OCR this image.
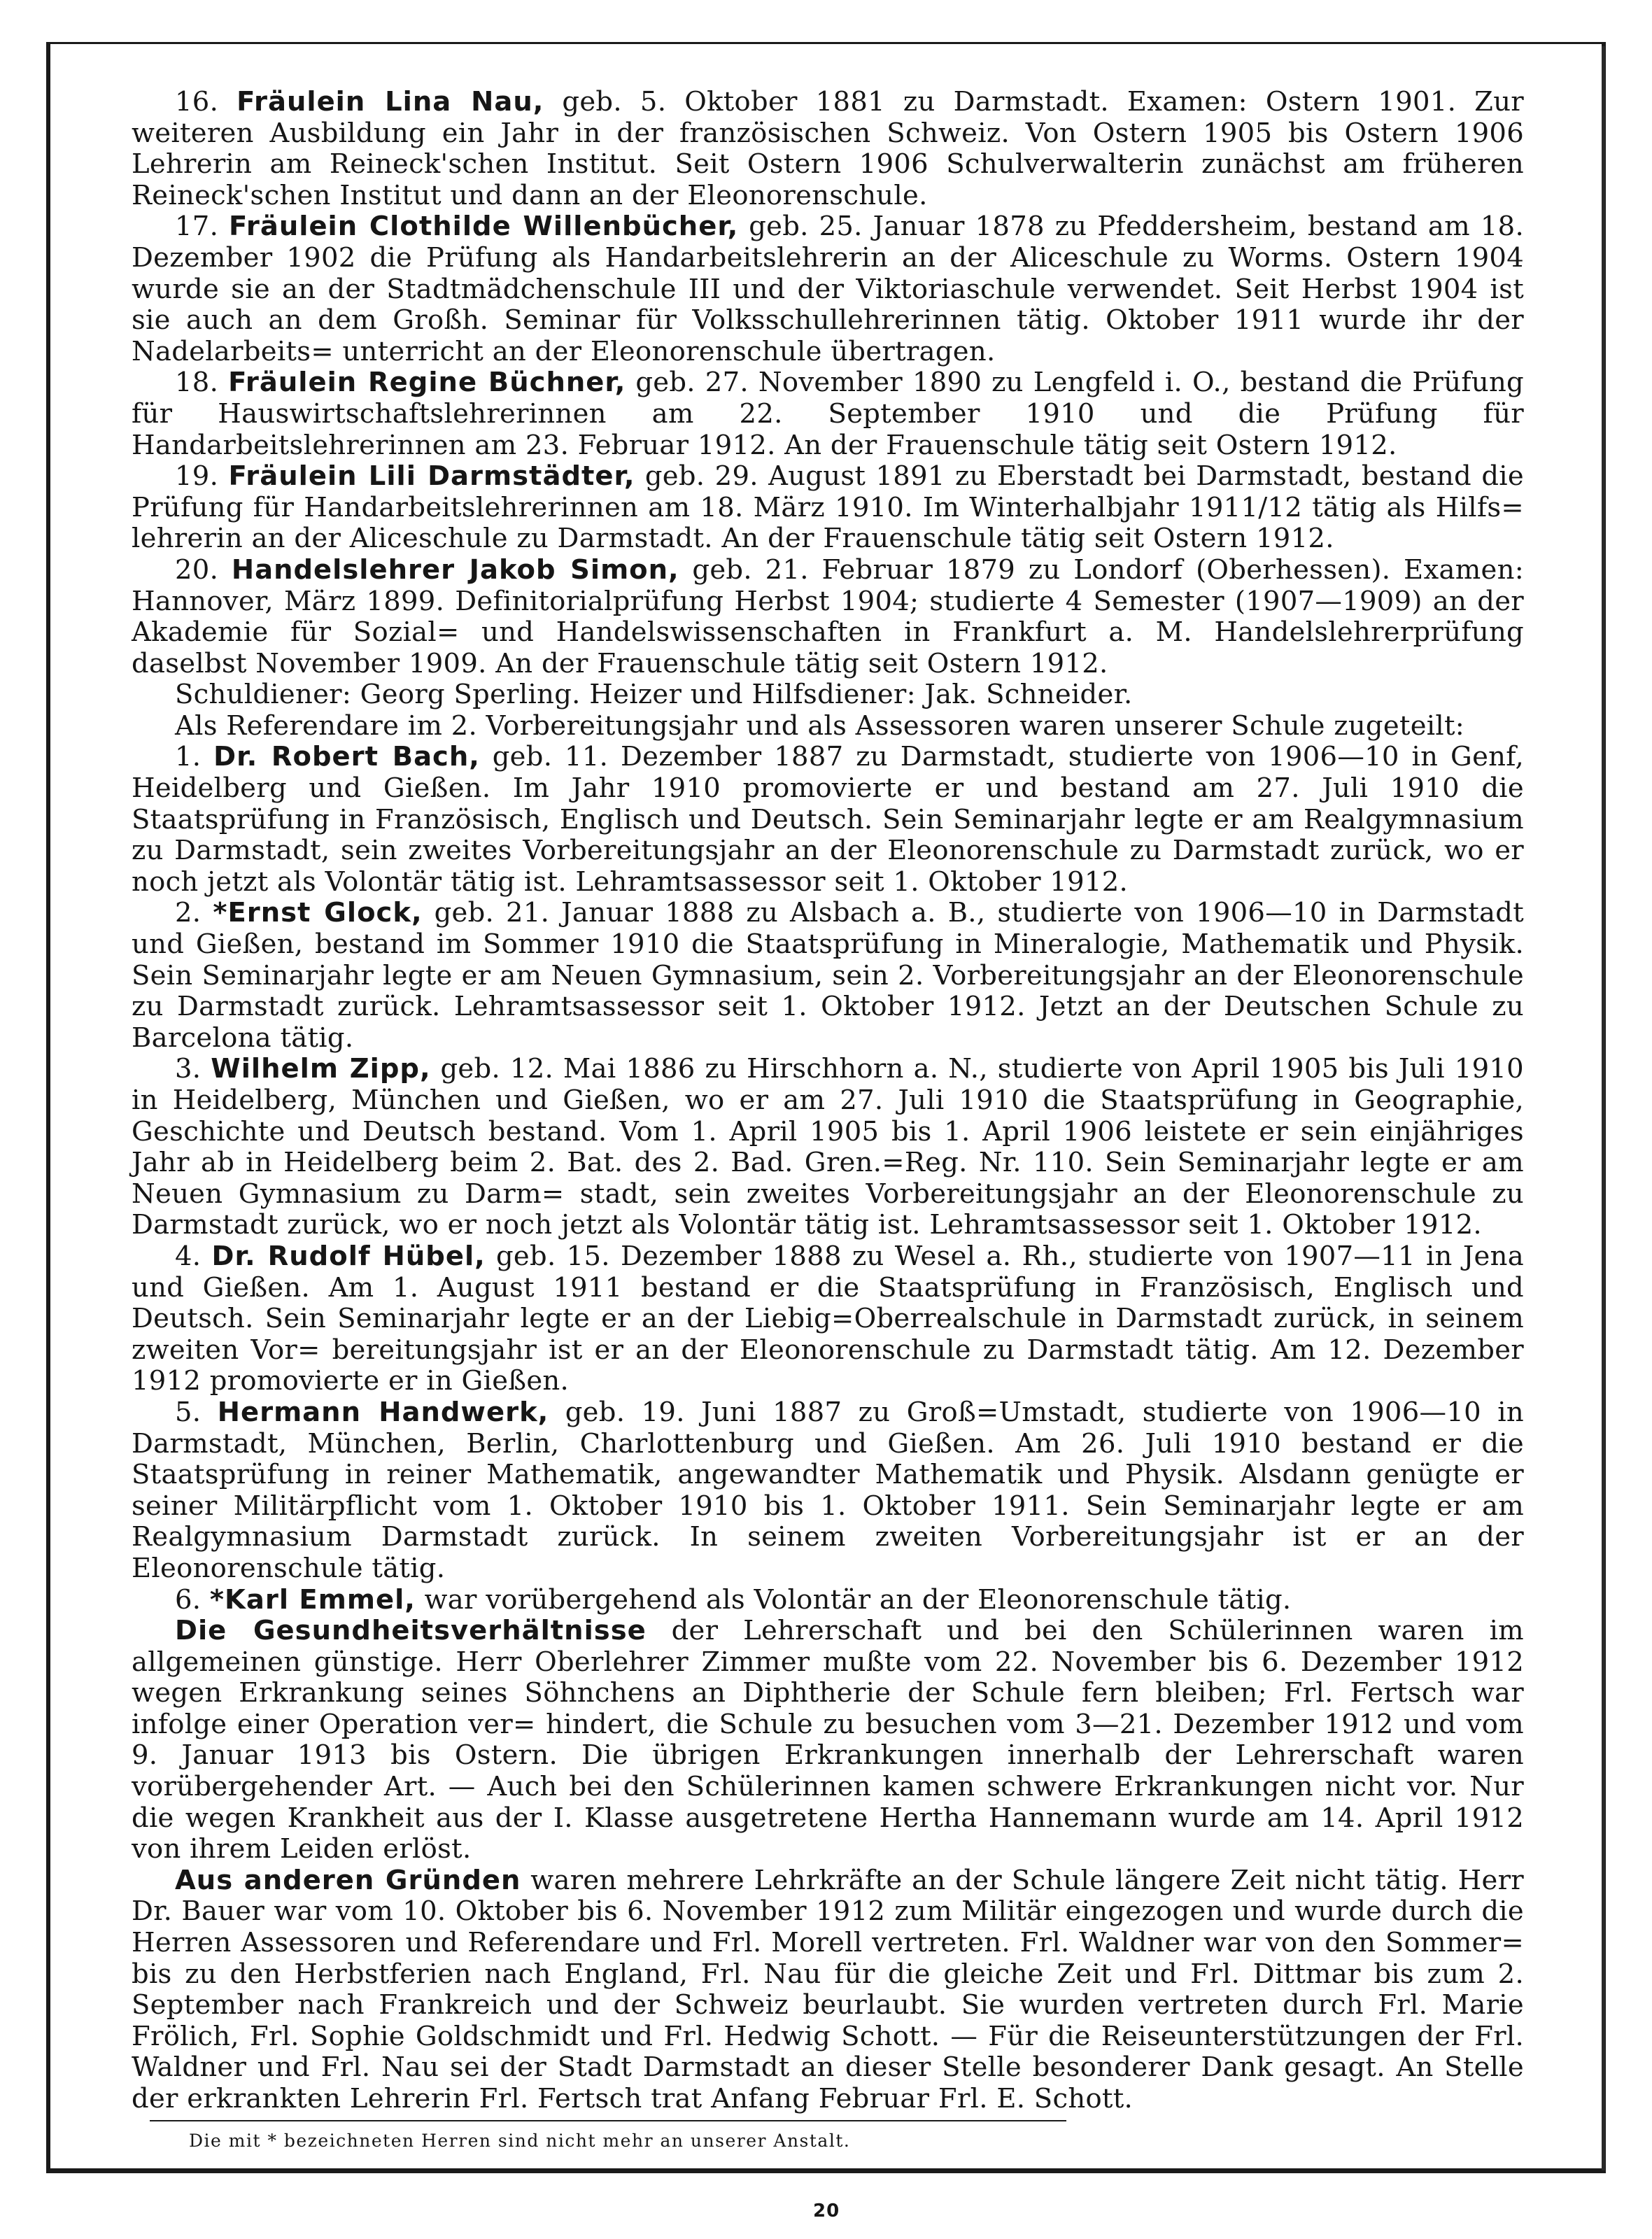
16. Fräulein Lina Nau, geb. 5. Oktober 1881 zu Darmstadt. Examen: Ostern 1901. Zur weiteren Ausbildung ein Jahr in der französischen Schweiz. Von Ostern 1905 bis Ostern 1906 Lehrerin am Reineck'schen Institut. Seit Ostern 1906 Schulverwalterin zunächst am früheren Reineck'schen Institut und dann an der Eleonorenschule.

17. Fräulein Clothilde Willenbücher, geb. 25. Januar 1878 zu Pfeddersheim, bestand am 18. Dezember 1902 die Prüfung als Handarbeitslehrerin an der Aliceschule zu Worms. Ostern 1904 wurde sie an der Stadtmädchenschule III und der Viktoriaschule verwendet. Seit Herbst 1904 ist sie auch an dem Großh. Seminar für Volksschullehrerinnen tätig. Oktober 1911 wurde ihr der Nadelarbeits= unterricht an der Eleonorenschule übertragen.

18. Fräulein Regine Büchner, geb. 27. November 1890 zu Lengfeld i. O., bestand die Prüfung für Hauswirtschaftslehrerinnen am 22. September 1910 und die Prüfung für Handarbeitslehrerinnen am 23. Februar 1912. An der Frauenschule tätig seit Ostern 1912.

19. Fräulein Lili Darmstädter, geb. 29. August 1891 zu Eberstadt bei Darmstadt, bestand die Prüfung für Handarbeitslehrerinnen am 18. März 1910. Im Winterhalbjahr 1911/12 tätig als Hilfs= lehrerin an der Aliceschule zu Darmstadt. An der Frauenschule tätig seit Ostern 1912.

20. Handelslehrer Jakob Simon, geb. 21. Februar 1879 zu Londorf (Oberhessen). Examen: Hannover, März 1899. Definitorialprüfung Herbst 1904; studierte 4 Semester (1907—1909) an der Akademie für Sozial= und Handelswissenschaften in Frankfurt a. M. Handelslehrerprüfung daselbst November 1909. An der Frauenschule tätig seit Ostern 1912.

Schuldiener: Georg Sperling. Heizer und Hilfsdiener: Jak. Schneider.

Als Referendare im 2. Vorbereitungsjahr und als Assessoren waren unserer Schule zugeteilt:

1. Dr. Robert Bach, geb. 11. Dezember 1887 zu Darmstadt, studierte von 1906—10 in Genf, Heidelberg und Gießen. Im Jahr 1910 promovierte er und bestand am 27. Juli 1910 die Staatsprüfung in Französisch, Englisch und Deutsch. Sein Seminarjahr legte er am Realgymnasium zu Darmstadt, sein zweites Vorbereitungsjahr an der Eleonorenschule zu Darmstadt zurück, wo er noch jetzt als Volontär tätig ist. Lehramtsassessor seit 1. Oktober 1912.

2. *Ernst Glock, geb. 21. Januar 1888 zu Alsbach a. B., studierte von 1906—10 in Darmstadt und Gießen, bestand im Sommer 1910 die Staatsprüfung in Mineralogie, Mathematik und Physik. Sein Seminarjahr legte er am Neuen Gymnasium, sein 2. Vorbereitungsjahr an der Eleonorenschule zu Darmstadt zurück. Lehramtsassessor seit 1. Oktober 1912. Jetzt an der Deutschen Schule zu Barcelona tätig.

3. Wilhelm Zipp, geb. 12. Mai 1886 zu Hirschhorn a. N., studierte von April 1905 bis Juli 1910 in Heidelberg, München und Gießen, wo er am 27. Juli 1910 die Staatsprüfung in Geographie, Geschichte und Deutsch bestand. Vom 1. April 1905 bis 1. April 1906 leistete er sein einjähriges Jahr ab in Heidelberg beim 2. Bat. des 2. Bad. Gren.=Reg. Nr. 110. Sein Seminarjahr legte er am Neuen Gymnasium zu Darm= stadt, sein zweites Vorbereitungsjahr an der Eleonorenschule zu Darmstadt zurück, wo er noch jetzt als Volontär tätig ist. Lehramtsassessor seit 1. Oktober 1912.

4. Dr. Rudolf Hübel, geb. 15. Dezember 1888 zu Wesel a. Rh., studierte von 1907—11 in Jena und Gießen. Am 1. August 1911 bestand er die Staatsprüfung in Französisch, Englisch und Deutsch. Sein Seminarjahr legte er an der Liebig=Oberrealschule in Darmstadt zurück, in seinem zweiten Vor= bereitungsjahr ist er an der Eleonorenschule zu Darmstadt tätig. Am 12. Dezember 1912 promovierte er in Gießen.

5. Hermann Handwerk, geb. 19. Juni 1887 zu Groß=Umstadt, studierte von 1906—10 in Darmstadt, München, Berlin, Charlottenburg und Gießen. Am 26. Juli 1910 bestand er die Staatsprüfung in reiner Mathematik, angewandter Mathematik und Physik. Alsdann genügte er seiner Militärpflicht vom 1. Oktober 1910 bis 1. Oktober 1911. Sein Seminarjahr legte er am Realgymnasium Darmstadt zurück. In seinem zweiten Vorbereitungsjahr ist er an der Eleonorenschule tätig.

6. *Karl Emmel, war vorübergehend als Volontär an der Eleonorenschule tätig.

Die Gesundheitsverhältnisse der Lehrerschaft und bei den Schülerinnen waren im allgemeinen günstige. Herr Oberlehrer Zimmer mußte vom 22. November bis 6. Dezember 1912 wegen Erkrankung seines Söhnchens an Diphtherie der Schule fern bleiben; Frl. Fertsch war infolge einer Operation ver= hindert, die Schule zu besuchen vom 3—21. Dezember 1912 und vom 9. Januar 1913 bis Ostern. Die übrigen Erkrankungen innerhalb der Lehrerschaft waren vorübergehender Art. — Auch bei den Schülerinnen kamen schwere Erkrankungen nicht vor. Nur die wegen Krankheit aus der I. Klasse ausgetretene Hertha Hannemann wurde am 14. April 1912 von ihrem Leiden erlöst.

Aus anderen Gründen waren mehrere Lehrkräfte an der Schule längere Zeit nicht tätig. Herr Dr. Bauer war vom 10. Oktober bis 6. November 1912 zum Militär eingezogen und wurde durch die Herren Assessoren und Referendare und Frl. Morell vertreten. Frl. Waldner war von den Sommer= bis zu den Herbstferien nach England, Frl. Nau für die gleiche Zeit und Frl. Dittmar bis zum 2. September nach Frankreich und der Schweiz beurlaubt. Sie wurden vertreten durch Frl. Marie Frölich, Frl. Sophie Goldschmidt und Frl. Hedwig Schott. — Für die Reiseunterstützungen der Frl. Waldner und Frl. Nau sei der Stadt Darmstadt an dieser Stelle besonderer Dank gesagt. An Stelle der erkrankten Lehrerin Frl. Fertsch trat Anfang Februar Frl. E. Schott.

Die mit * bezeichneten Herren sind nicht mehr an unserer Anstalt.
20
